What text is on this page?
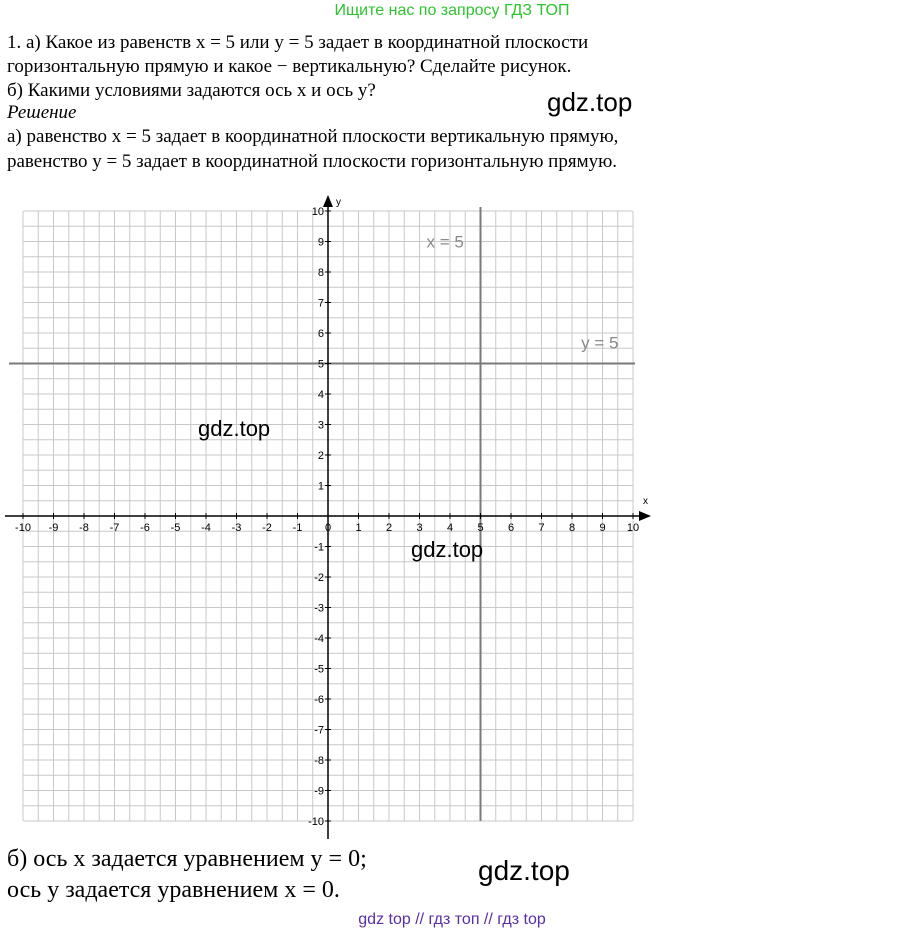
Ищите нас по запросу ГДЗ ТОП
1. а) Какое из равенств x = 5 или y = 5 задает в координатной плоскости
горизонтальную прямую и какое − вертикальную? Сделайте рисунок.
б) Какими условиями задаются ось x и ось y?
Решение
а) равенство x = 5 задает в координатной плоскости вертикальную прямую,
равенство y = 5 задает в координатной плоскости горизонтальную прямую.
gdz.top
x = 5
y = 5
x
y
-10 -9 -8 -7 -6 -5 -4 -3 -2 -1 0 1 2 3 4 5 6 7 8 9 10
-10
-9
-8
-7
-6
-5
-4
-3
-2
-1
1
2
3
4
5
6
7
8
9
10
gdz.top
gdz.top
б) ось x задается уравнением y = 0;
ось y задается уравнением x = 0.
gdz.top
gdz top // гдз топ // гдз top
